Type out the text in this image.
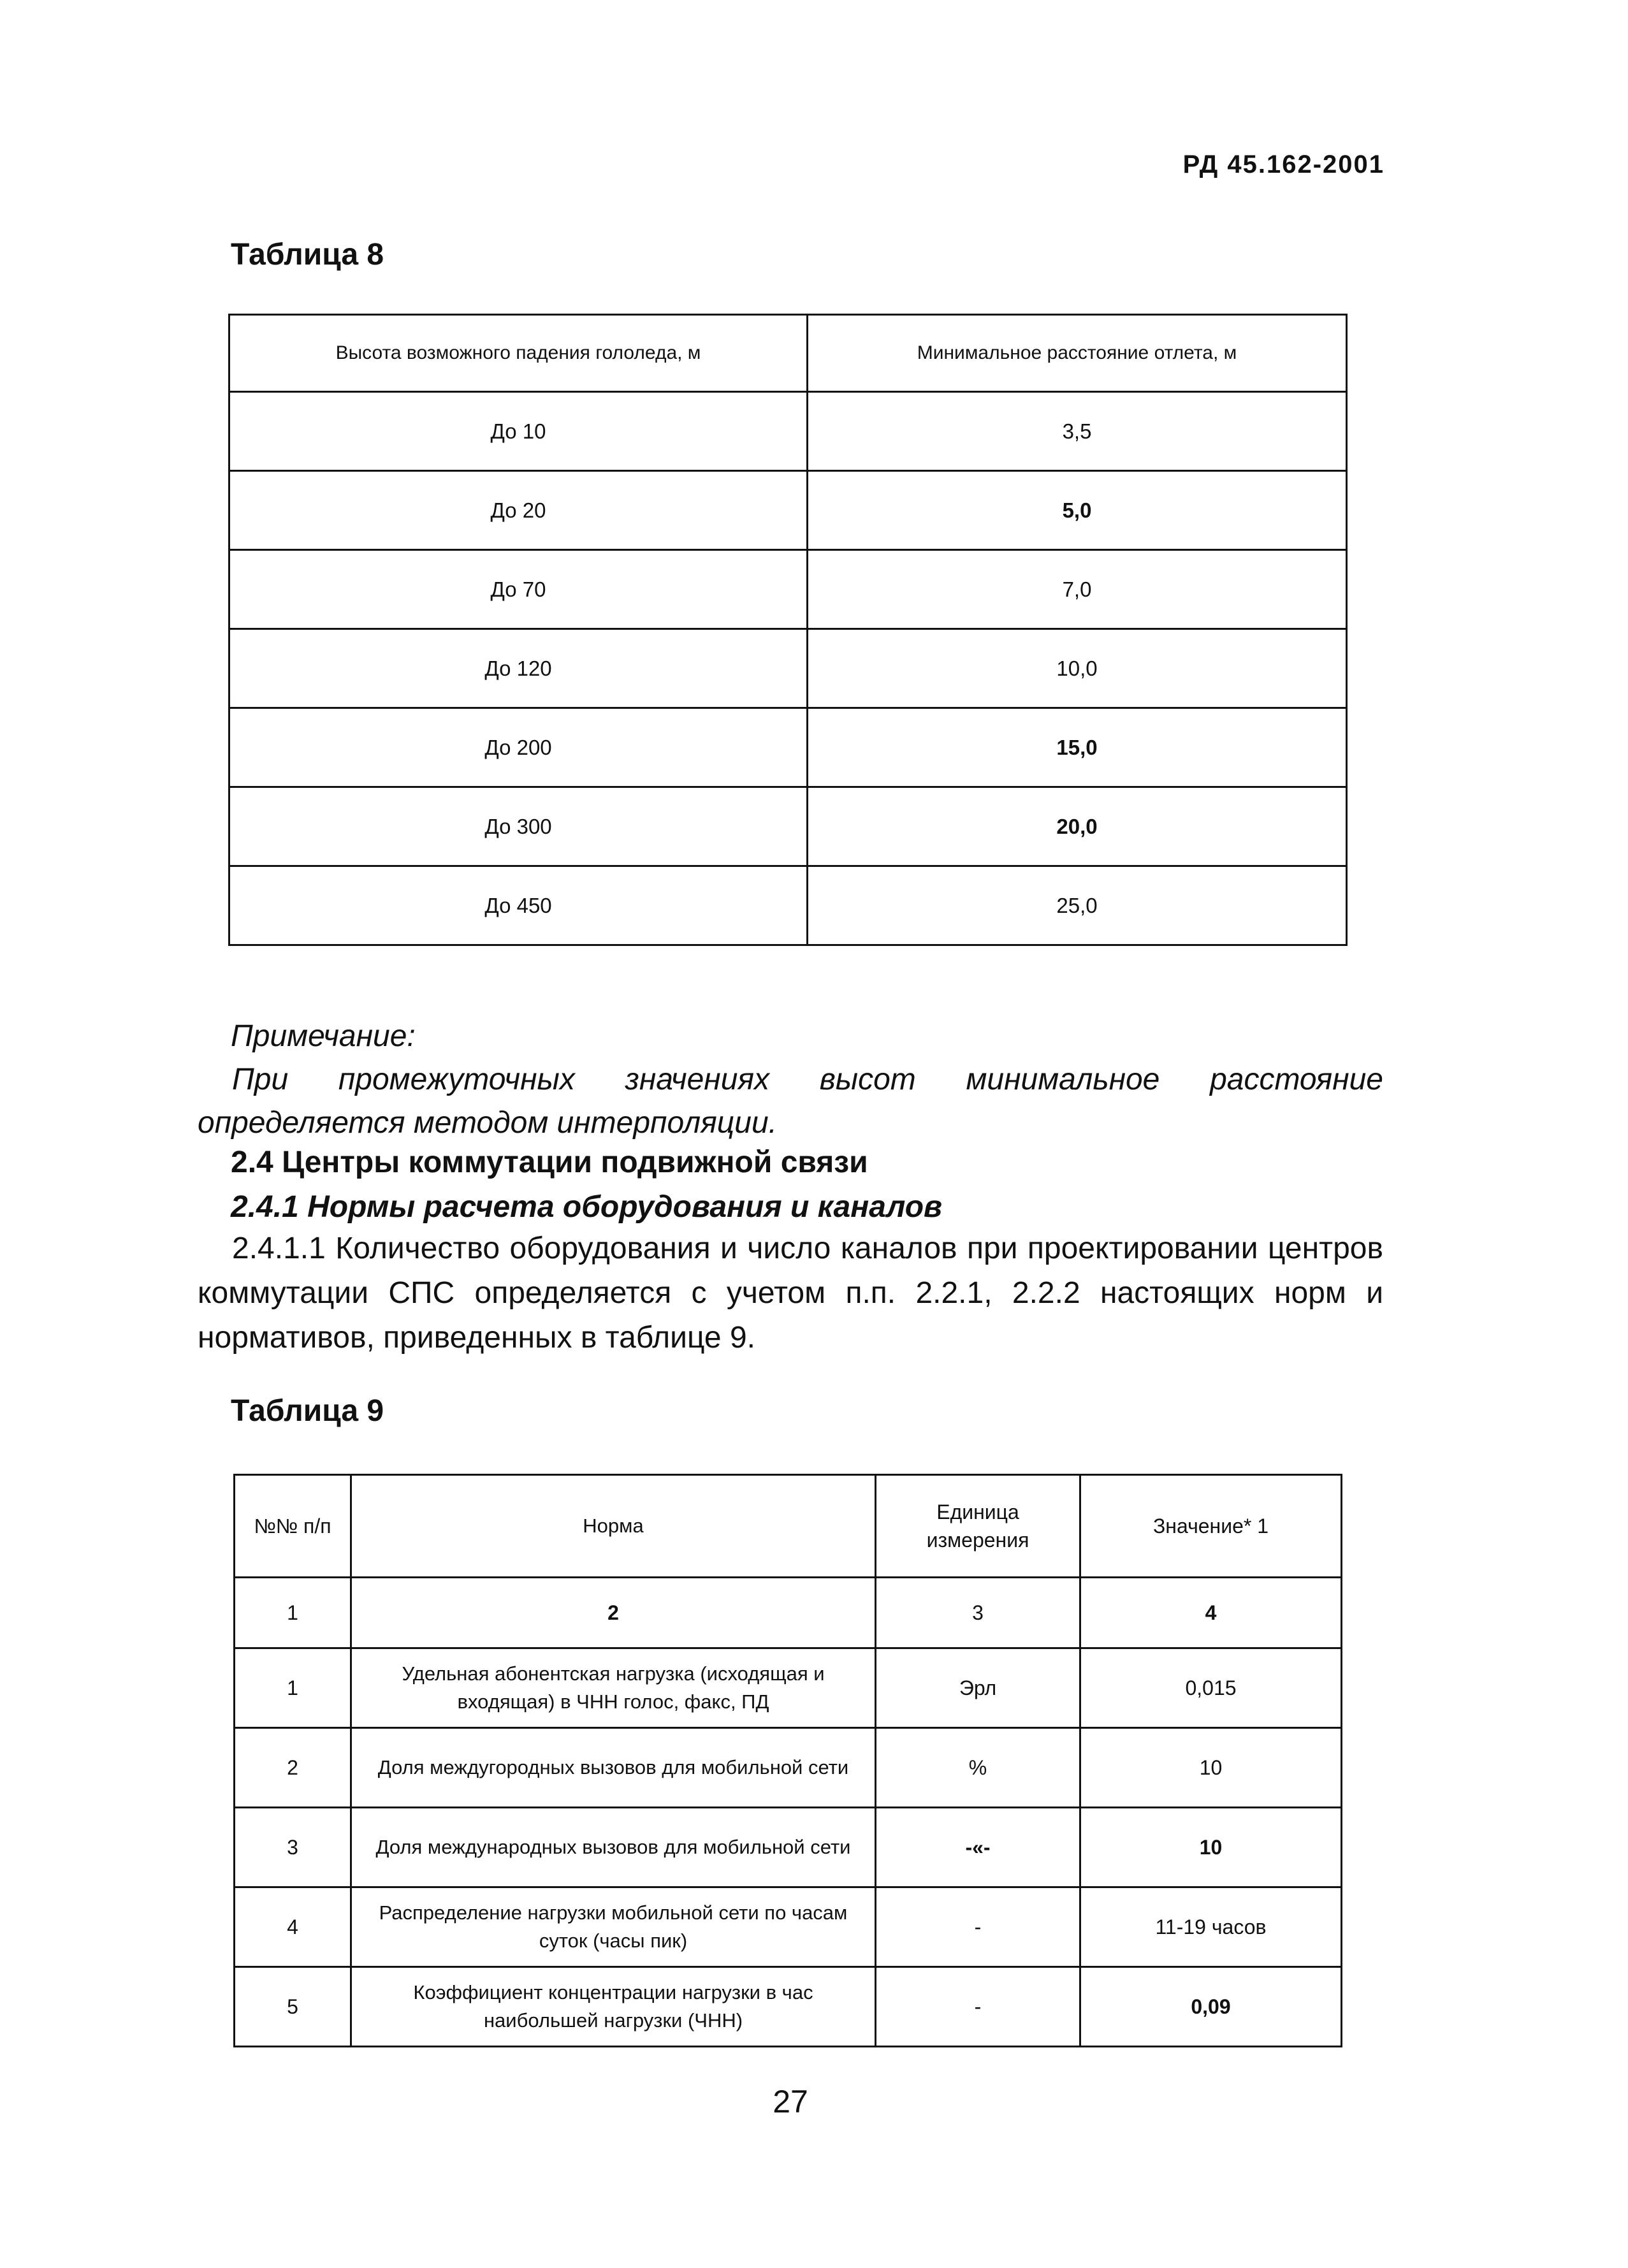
РД 45.162-2001
Таблица 8
Высота возможного падения гололеда, м	Минимальное расстояние отлета, м
До 10	3,5
До 20	5,0
До 70	7,0
До 120	10,0
До 200	15,0
До 300	20,0
До 450	25,0
Примечание:
При промежуточных значениях высот минимальное расстояние определяется методом интерполяции.
2.4 Центры коммутации подвижной связи
2.4.1 Нормы расчета оборудования и каналов
2.4.1.1 Количество оборудования и число каналов при проектировании центров коммутации СПС определяется с учетом п.п. 2.2.1, 2.2.2 настоящих норм и нормативов, приведенных в таблице 9.
Таблица 9
№№ п/п	Норма	Единица измерения	Значение* 1
1	2	3	4
1	Удельная абонентская нагрузка (исходящая и входящая) в ЧНН голос, факс, ПД	Эрл	0,015
2	Доля междугородных вызовов для мобильной сети	%	10
3	Доля международных вызовов для мобильной сети	-«-	10
4	Распределение нагрузки мобильной сети по часам суток (часы пик)	-	11-19 часов
5	Коэффициент концентрации нагрузки в час наибольшей нагрузки (ЧНН)	-	0,09
27
